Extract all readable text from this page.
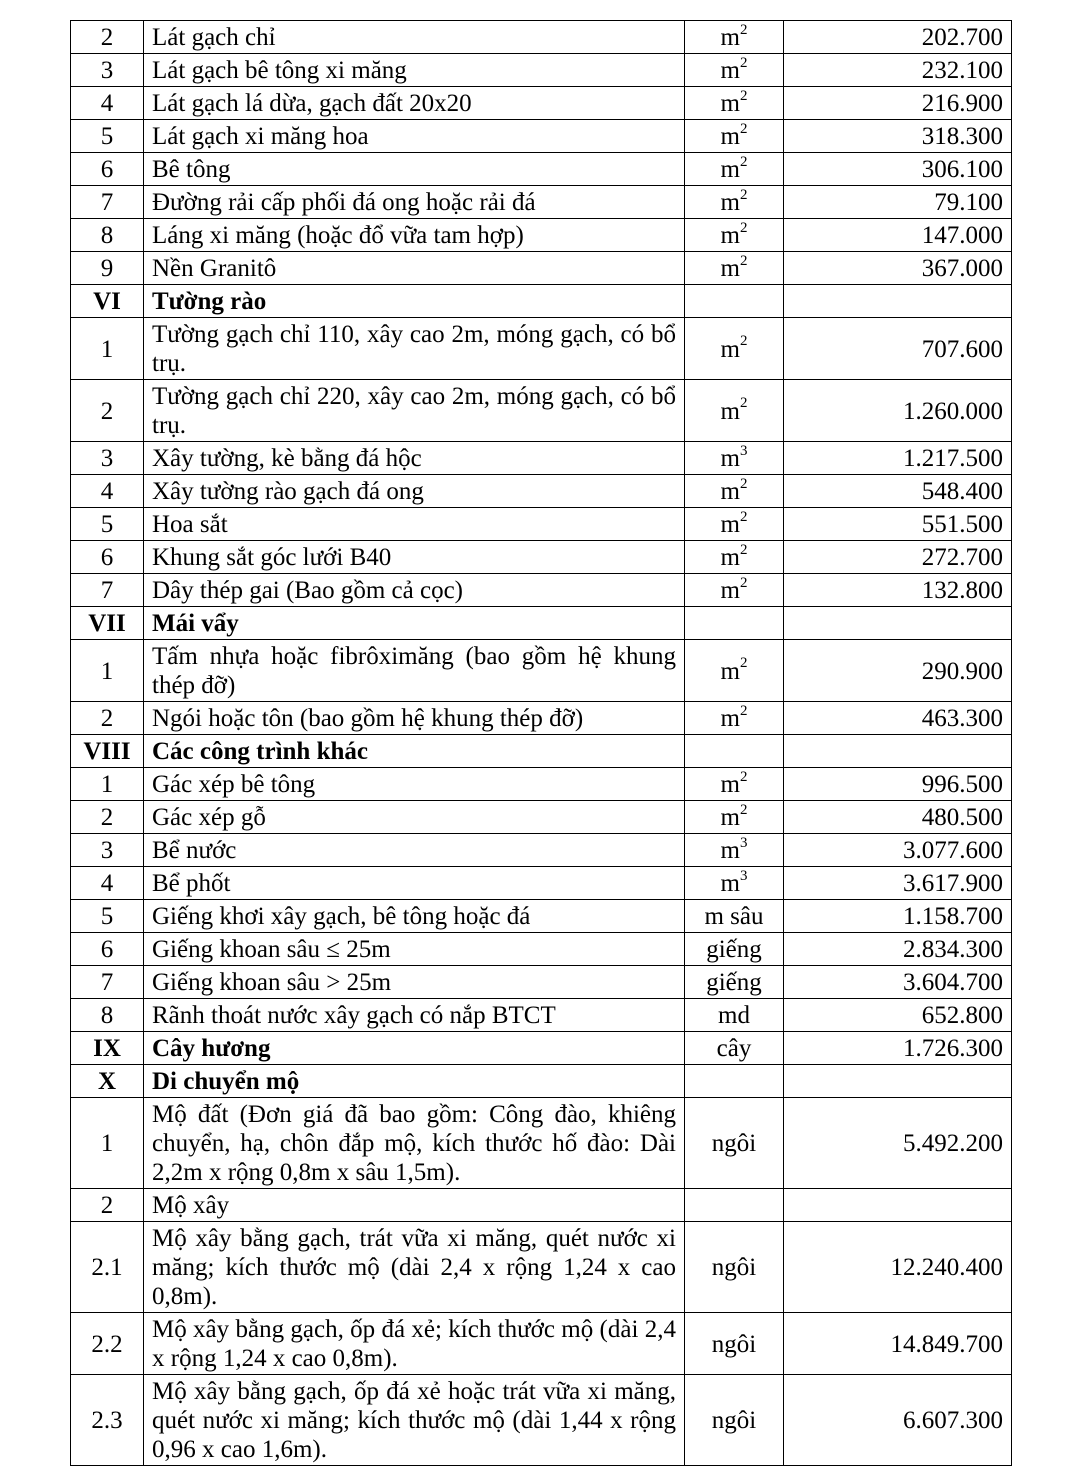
2	Lát gạch chỉ	$m^2$	202.700
3	Lát gạch bê tông xi măng	$m^2$	232.100
4	Lát gạch lá dừa, gạch đất 20x20	$m^2$	216.900
5	Lát gạch xi măng hoa	$m^2$	318.300
6	Bê tông	$m^2$	306.100
7	Đường rải cấp phối đá ong hoặc rải đá	$m^2$	79.100
8	Láng xi măng (hoặc đổ vữa tam hợp)	$m^2$	147.000
9	Nền Granitô	$m^2$	367.000
VI	Tường rào		
1	Tường gạch chỉ 110, xây cao 2m, móng gạch, có bổ trụ.	$m^2$	707.600
2	Tường gạch chỉ 220, xây cao 2m, móng gạch, có bổ trụ.	$m^2$	1.260.000
3	Xây tường, kè bằng đá hộc	$m^3$	1.217.500
4	Xây tường rào gạch đá ong	$m^2$	548.400
5	Hoa sắt	$m^2$	551.500
6	Khung sắt góc lưới B40	$m^2$	272.700
7	Dây thép gai (Bao gồm cả cọc)	$m^2$	132.800
VII	Mái vẩy		
1	Tấm nhựa hoặc fibrôximăng (bao gồm hệ khung thép đỡ)	$m^2$	290.900
2	Ngói hoặc tôn (bao gồm hệ khung thép đỡ)	$m^2$	463.300
VIII	Các công trình khác		
1	Gác xép bê tông	$m^2$	996.500
2	Gác xép gỗ	$m^2$	480.500
3	Bể nước	$m^3$	3.077.600
4	Bể phốt	$m^3$	3.617.900
5	Giếng khơi xây gạch, bê tông hoặc đá	m sâu	1.158.700
6	Giếng khoan sâu ≤ 25m	giếng	2.834.300
7	Giếng khoan sâu > 25m	giếng	3.604.700
8	Rãnh thoát nước xây gạch có nắp BTCT	md	652.800
IX	Cây hương	cây	1.726.300
X	Di chuyển mộ		
1	Mộ đất (Đơn giá đã bao gồm: Công đào, khiêng chuyển, hạ, chôn đắp mộ, kích thước hố đào: Dài 2,2m x rộng 0,8m x sâu 1,5m).	ngôi	5.492.200
2	Mộ xây		
2.1	Mộ xây bằng gạch, trát vữa xi măng, quét nước xi măng; kích thước mộ (dài 2,4 x rộng 1,24 x cao 0,8m).	ngôi	12.240.400
2.2	Mộ xây bằng gạch, ốp đá xẻ; kích thước mộ (dài 2,4 x rộng 1,24 x cao 0,8m).	ngôi	14.849.700
2.3	Mộ xây bằng gạch, ốp đá xẻ hoặc trát vữa xi măng, quét nước xi măng; kích thước mộ (dài 1,44 x rộng 0,96 x cao 1,6m).	ngôi	6.607.300
